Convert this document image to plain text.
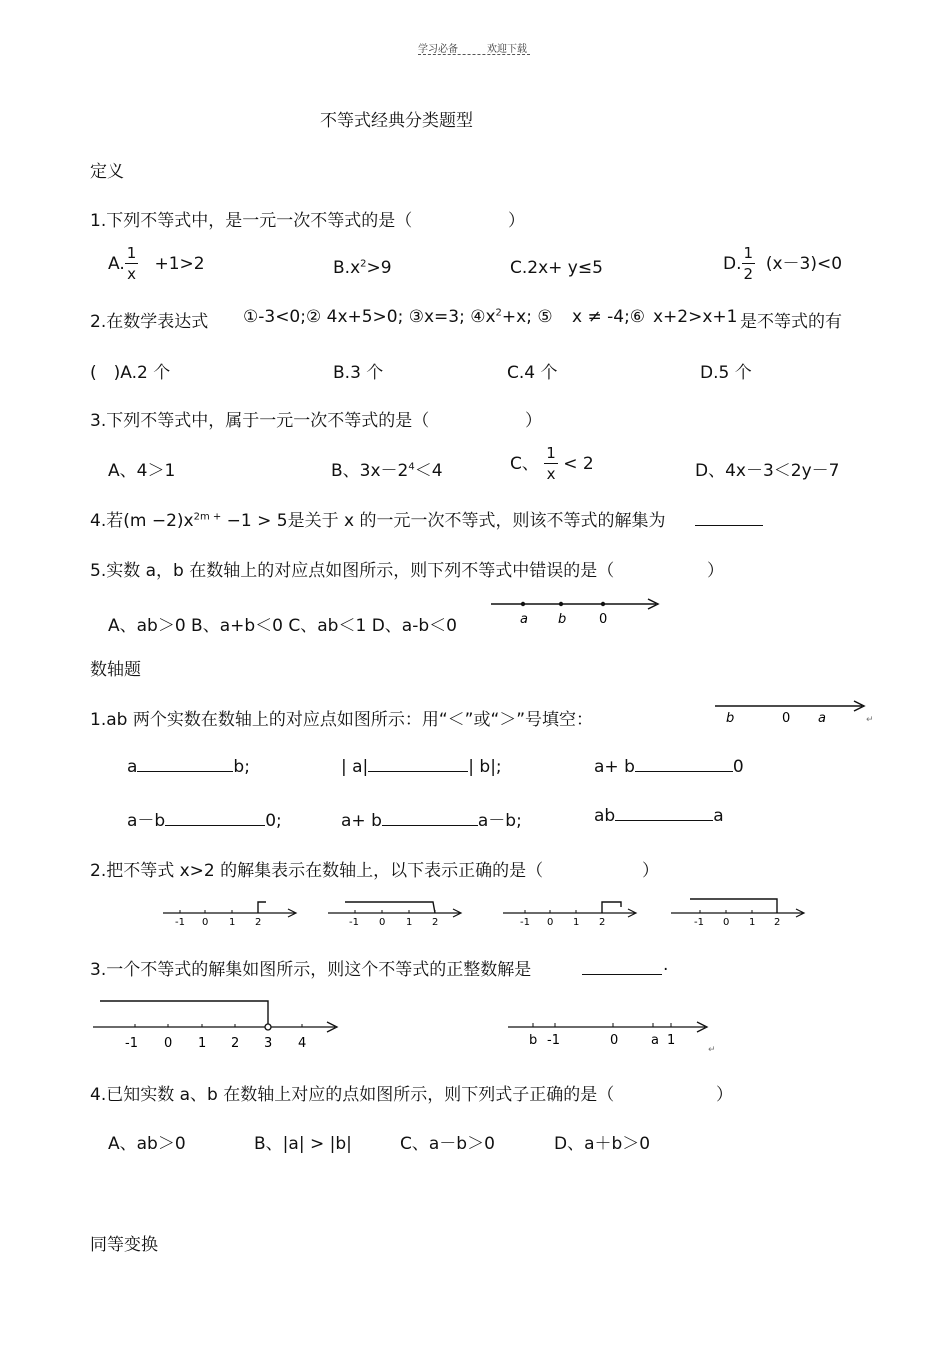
学习必备	欢迎下载
不等式经典分类题型
定义
1.下列不等式中，是一元一次不等式的是（	）
A. $\frac{1}{x} +1>2$	$B.x^2>9$	C.2x+ y≤5	D. $\frac{1}{2} (x-3)<0$
2.在数学表达式 ①-3<0;② 4x+5>0; ③x=3; $④x^2+x$; ⑤ x ≠ -4;⑥ x+2>x+1 是不等式的有
(　)A.2 个	B.3 个	C.4 个	D.5 个
3.下列不等式中，属于一元一次不等式的是（	）
A、4＞1	B、$3x-2^4<4$	C、 $\frac{1}{x} < 2$	D、4x－3＜2y－7
4.若$(m -2)x^{2m +} -1 > 5$是关于 x 的一元一次不等式，则该不等式的解集为
5.实数 a，b 在数轴上的对应点如图所示，则下列不等式中错误的是（	）
A、ab＞0 B、a+b＜0 C、ab＜1 D、a-b＜0	a b	0
数轴题
1.ab 两个实数在数轴上的对应点如图所示：用“＜”或“＞”号填空：	b	0 a	↵
a	b;	| a|	| b|;	a+ b	0
a－b	0;	a+ b	a－b;	ab	a
2.把不等式 x>2 的解集表示在数轴上，以下表示正确的是（	）
-1 0 1 2	-1 0 1 2	-1 0 1 2	-1 0 1 2
3.一个不等式的解集如图所示，则这个不等式的正整数解是	.
-1 0 1 2 3 4	b -1	0	a 1
↵
4.已知实数 a、b 在数轴上对应的点如图所示，则下列式子正确的是（	）
A、ab＞0	B、|a| > |b|	C、a－b＞0	D、a＋b＞0
同等变换
